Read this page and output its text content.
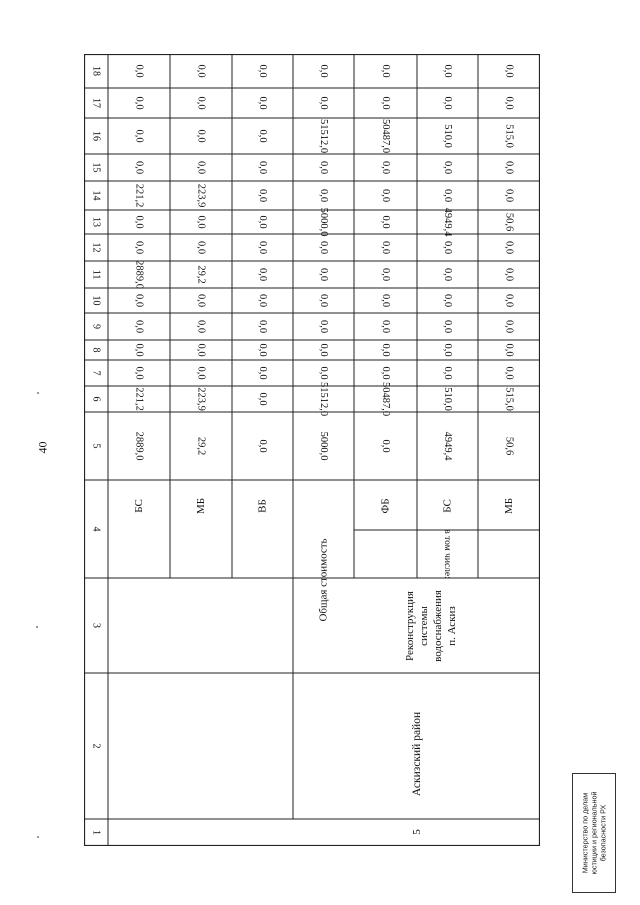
40
18
17
16
15
14
13
12
11
10
9
8
7
6
5
4
3
2
1
2889,0
221,2
0,0
0,0
0,0
0,0
2889,0
0,0
0,0
221,2
0,0
0,0
0,0
0,0
БС
29,2
223,9
0,0
0,0
0,0
0,0
29,2
0,0
0,0
223,9
0,0
0,0
0,0
0,0
МБ
0,0
0,0
0,0
0,0
0,0
0,0
0,0
0,0
0,0
0,0
0,0
0,0
0,0
0,0
ВБ
5000,0
51512,0
0,0
0,0
0,0
0,0
0,0
0,0
5000,0
0,0
0,0
51512,0
0,0
0,0
Общая стоимость
0,0
50487,0
0,0
0,0
0,0
0,0
0,0
0,0
0,0
0,0
0,0
50487,0
0,0
0,0
ФБ
4949,4
510,0
0,0
0,0
0,0
0,0
0,0
0,0
4949,4
0,0
0,0
510,0
0,0
0,0
БС
50,6
515,0
0,0
0,0
0,0
0,0
0,0
0,0
50,6
0,0
0,0
515,0
0,0
0,0
МБ
в том числе:
Реконструкция системы водоснабжения п. Аскиз
Аскизский район
5	Министерство по делам юстиции и региональной безопасности РХ
